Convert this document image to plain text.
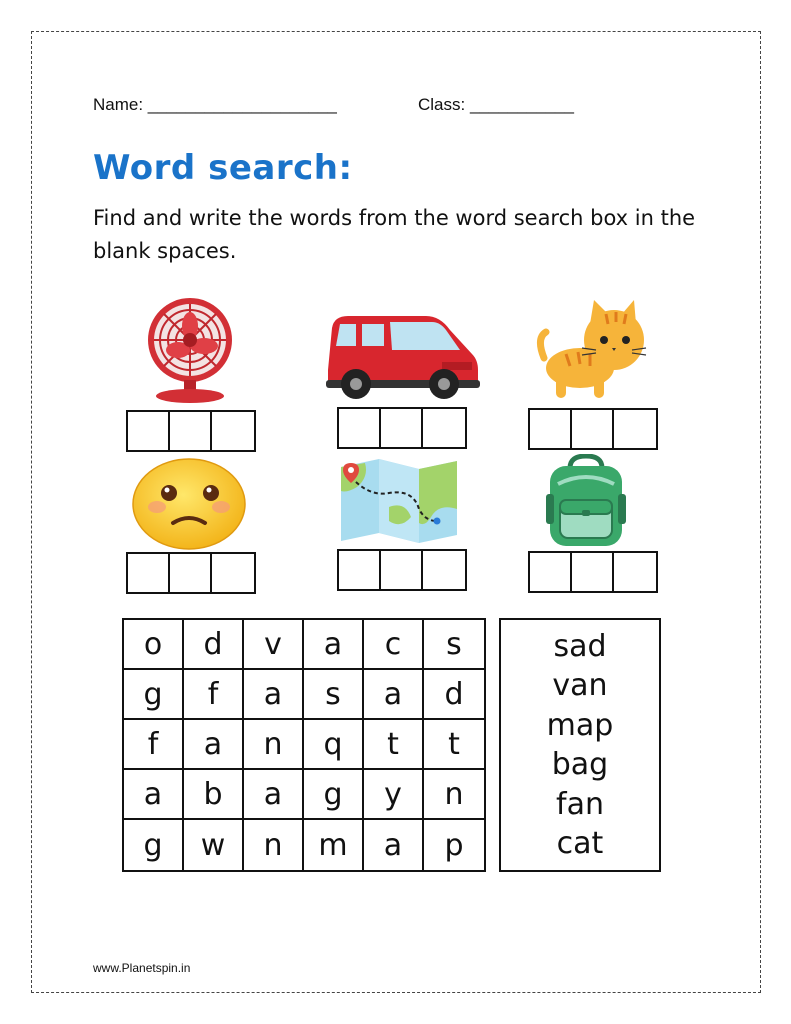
Name: ____________________	Class: ___________
Word search:
Find and write the words from the word search box in the blank spaces.
o	d	v	a	c	s
g	f	a	s	a	d
f	a	n	q	t	t
a	b	a	g	y	n
g	w	n	m	a	p
sad
van
map
bag
fan
cat
www.Planetspin.in
